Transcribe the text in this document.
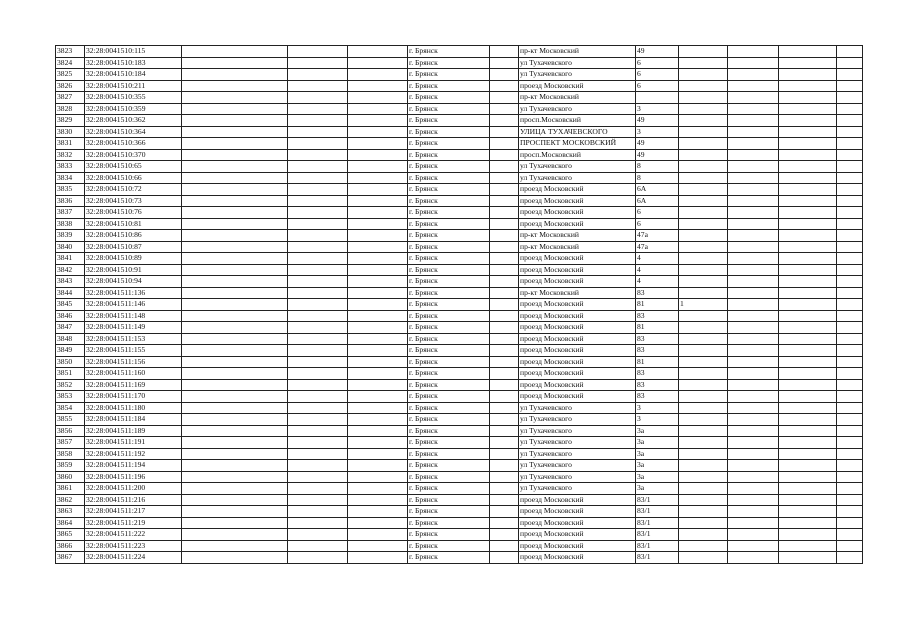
3823	32:28:0041510:115				г. Брянск		пр-кт Московский	49				
3824	32:28:0041510:183				г. Брянск		ул Тухачевского	6				
3825	32:28:0041510:184				г. Брянск		ул Тухачевского	6				
3826	32:28:0041510:211				г. Брянск		проезд Московский	6				
3827	32:28:0041510:355				г. Брянск		пр-кт Московский					
3828	32:28:0041510:359				г. Брянск		ул Тухачевского	3				
3829	32:28:0041510:362				г. Брянск		просп.Московский	49				
3830	32:28:0041510:364				г. Брянск		УЛИЦА ТУХАЧЕВСКОГО	3				
3831	32:28:0041510:366				г. Брянск		ПРОСПЕКТ МОСКОВСКИЙ	49				
3832	32:28:0041510:370				г. Брянск		просп.Московский	49				
3833	32:28:0041510:65				г. Брянск		ул Тухачевского	8				
3834	32:28:0041510:66				г. Брянск		ул Тухачевского	8				
3835	32:28:0041510:72				г. Брянск		проезд Московский	6А				
3836	32:28:0041510:73				г. Брянск		проезд Московский	6А				
3837	32:28:0041510:76				г. Брянск		проезд Московский	6				
3838	32:28:0041510:81				г. Брянск		проезд Московский	6				
3839	32:28:0041510:86				г. Брянск		пр-кт Московский	47а				
3840	32:28:0041510:87				г. Брянск		пр-кт Московский	47а				
3841	32:28:0041510:89				г. Брянск		проезд Московский	4				
3842	32:28:0041510:91				г. Брянск		проезд Московский	4				
3843	32:28:0041510:94				г. Брянск		проезд Московский	4				
3844	32:28:0041511:136				г. Брянск		пр-кт Московский	83				
3845	32:28:0041511:146				г. Брянск		проезд Московский	81	1			
3846	32:28:0041511:148				г. Брянск		проезд Московский	83				
3847	32:28:0041511:149				г. Брянск		проезд Московский	81				
3848	32:28:0041511:153				г. Брянск		проезд Московский	83				
3849	32:28:0041511:155				г. Брянск		проезд Московский	83				
3850	32:28:0041511:156				г. Брянск		проезд Московский	81				
3851	32:28:0041511:160				г. Брянск		проезд Московский	83				
3852	32:28:0041511:169				г. Брянск		проезд Московский	83				
3853	32:28:0041511:170				г. Брянск		проезд Московский	83				
3854	32:28:0041511:180				г. Брянск		ул Тухачевского	3				
3855	32:28:0041511:184				г. Брянск		ул Тухачевского	3				
3856	32:28:0041511:189				г. Брянск		ул Тухачевского	3а				
3857	32:28:0041511:191				г. Брянск		ул Тухачевского	3а				
3858	32:28:0041511:192				г. Брянск		ул Тухачевского	3а				
3859	32:28:0041511:194				г. Брянск		ул Тухачевского	3а				
3860	32:28:0041511:196				г. Брянск		ул Тухачевского	3а				
3861	32:28:0041511:200				г. Брянск		ул Тухачевского	3а				
3862	32:28:0041511:216				г. Брянск		проезд Московский	83/1				
3863	32:28:0041511:217				г. Брянск		проезд Московский	83/1				
3864	32:28:0041511:219				г. Брянск		проезд Московский	83/1				
3865	32:28:0041511:222				г. Брянск		проезд Московский	83/1				
3866	32:28:0041511:223				г. Брянск		проезд Московский	83/1				
3867	32:28:0041511:224				г. Брянск		проезд Московский	83/1				
